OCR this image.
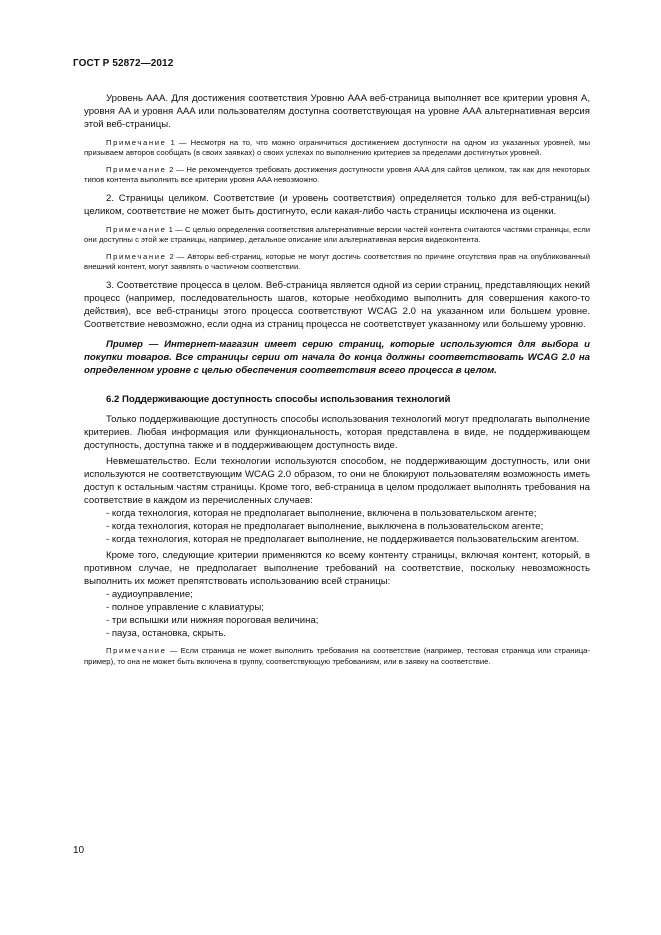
ГОСТ Р 52872—2012

Уровень AAA. Для достижения соответствия Уровню AAA веб-страница выполняет все критерии уровня A, уровня AA и уровня AAA или пользователям доступна соответствующая на уровне AAA альтернативная версия этой веб-страницы.

Примечание 1 — Несмотря на то, что можно ограничиться достижением доступности на одном из указанных уровней, мы призываем авторов сообщать (в своих заявках) о своих успехах по выполнению критериев за пределами достигнутых уровней.

Примечание 2 — Не рекомендуется требовать достижения доступности уровня AAA для сайтов целиком, так как для некоторых типов контента выполнить все критерии уровня AAA невозможно.

2. Страницы целиком. Соответствие (и уровень соответствия) определяется только для веб-страниц(ы) целиком, соответствие не может быть достигнуто, если какая-либо часть страницы исключена из оценки.

Примечание 1 — С целью определения соответствия альтернативные версии частей контента считаются частями страницы, если они доступны с этой же страницы, например, детальное описание или альтернативная версия видеоконтента.

Примечание 2 — Авторы веб-страниц, которые не могут достичь соответствия по причине отсутствия прав на опубликованный внешний контент, могут заявлять о частичном соответствии.

3. Соответствие процесса в целом. Веб-страница является одной из серии страниц, представляющих некий процесс (например, последовательность шагов, которые необходимо выполнить для совершения какого-то действия), все веб-страницы этого процесса соответствуют WCAG 2.0 на указанном или большем уровне. Соответствие невозможно, если одна из страниц процесса не соответствует указанному или большему уровню.

Пример — Интернет-магазин имеет серию страниц, которые используются для выбора и покупки товаров. Все страницы серии от начала до конца должны соответствовать WCAG 2.0 на определенном уровне с целью обеспечения соответствия всего процесса в целом.

6.2 Поддерживающие доступность способы использования технологий

Только поддерживающие доступность способы использования технологий могут предполагать выполнение критериев. Любая информация или функциональность, которая представлена в виде, не поддерживающем доступность, доступна также и в поддерживающем доступность виде.

Невмешательство. Если технологии используются способом, не поддерживающим доступность, или они используются не соответствующим WCAG 2.0 образом, то они не блокируют пользователям возможность иметь доступ к остальным частям страницы. Кроме того, веб-страница в целом продолжает выполнять требования на соответствие в каждом из перечисленных случаев:

- когда технология, которая не предполагает выполнение, включена в пользовательском агенте;

- когда технология, которая не предполагает выполнение, выключена в пользовательском агенте;

- когда технология, которая не предполагает выполнение, не поддерживается пользовательским агентом.

Кроме того, следующие критерии применяются ко всему контенту страницы, включая контент, который, в противном случае, не предполагает выполнение требований на соответствие, поскольку невозможность выполнить их может препятствовать использованию всей страницы:

- аудиоуправление;

- полное управление с клавиатуры;

- три вспышки или нижняя пороговая величина;

- пауза, остановка, скрыть.

Примечание — Если страница не может выполнить требования на соответствие (например, тестовая страница или страница-пример), то она не может быть включена в группу, соответствующую требованиям, или в заявку на соответствие.

10
